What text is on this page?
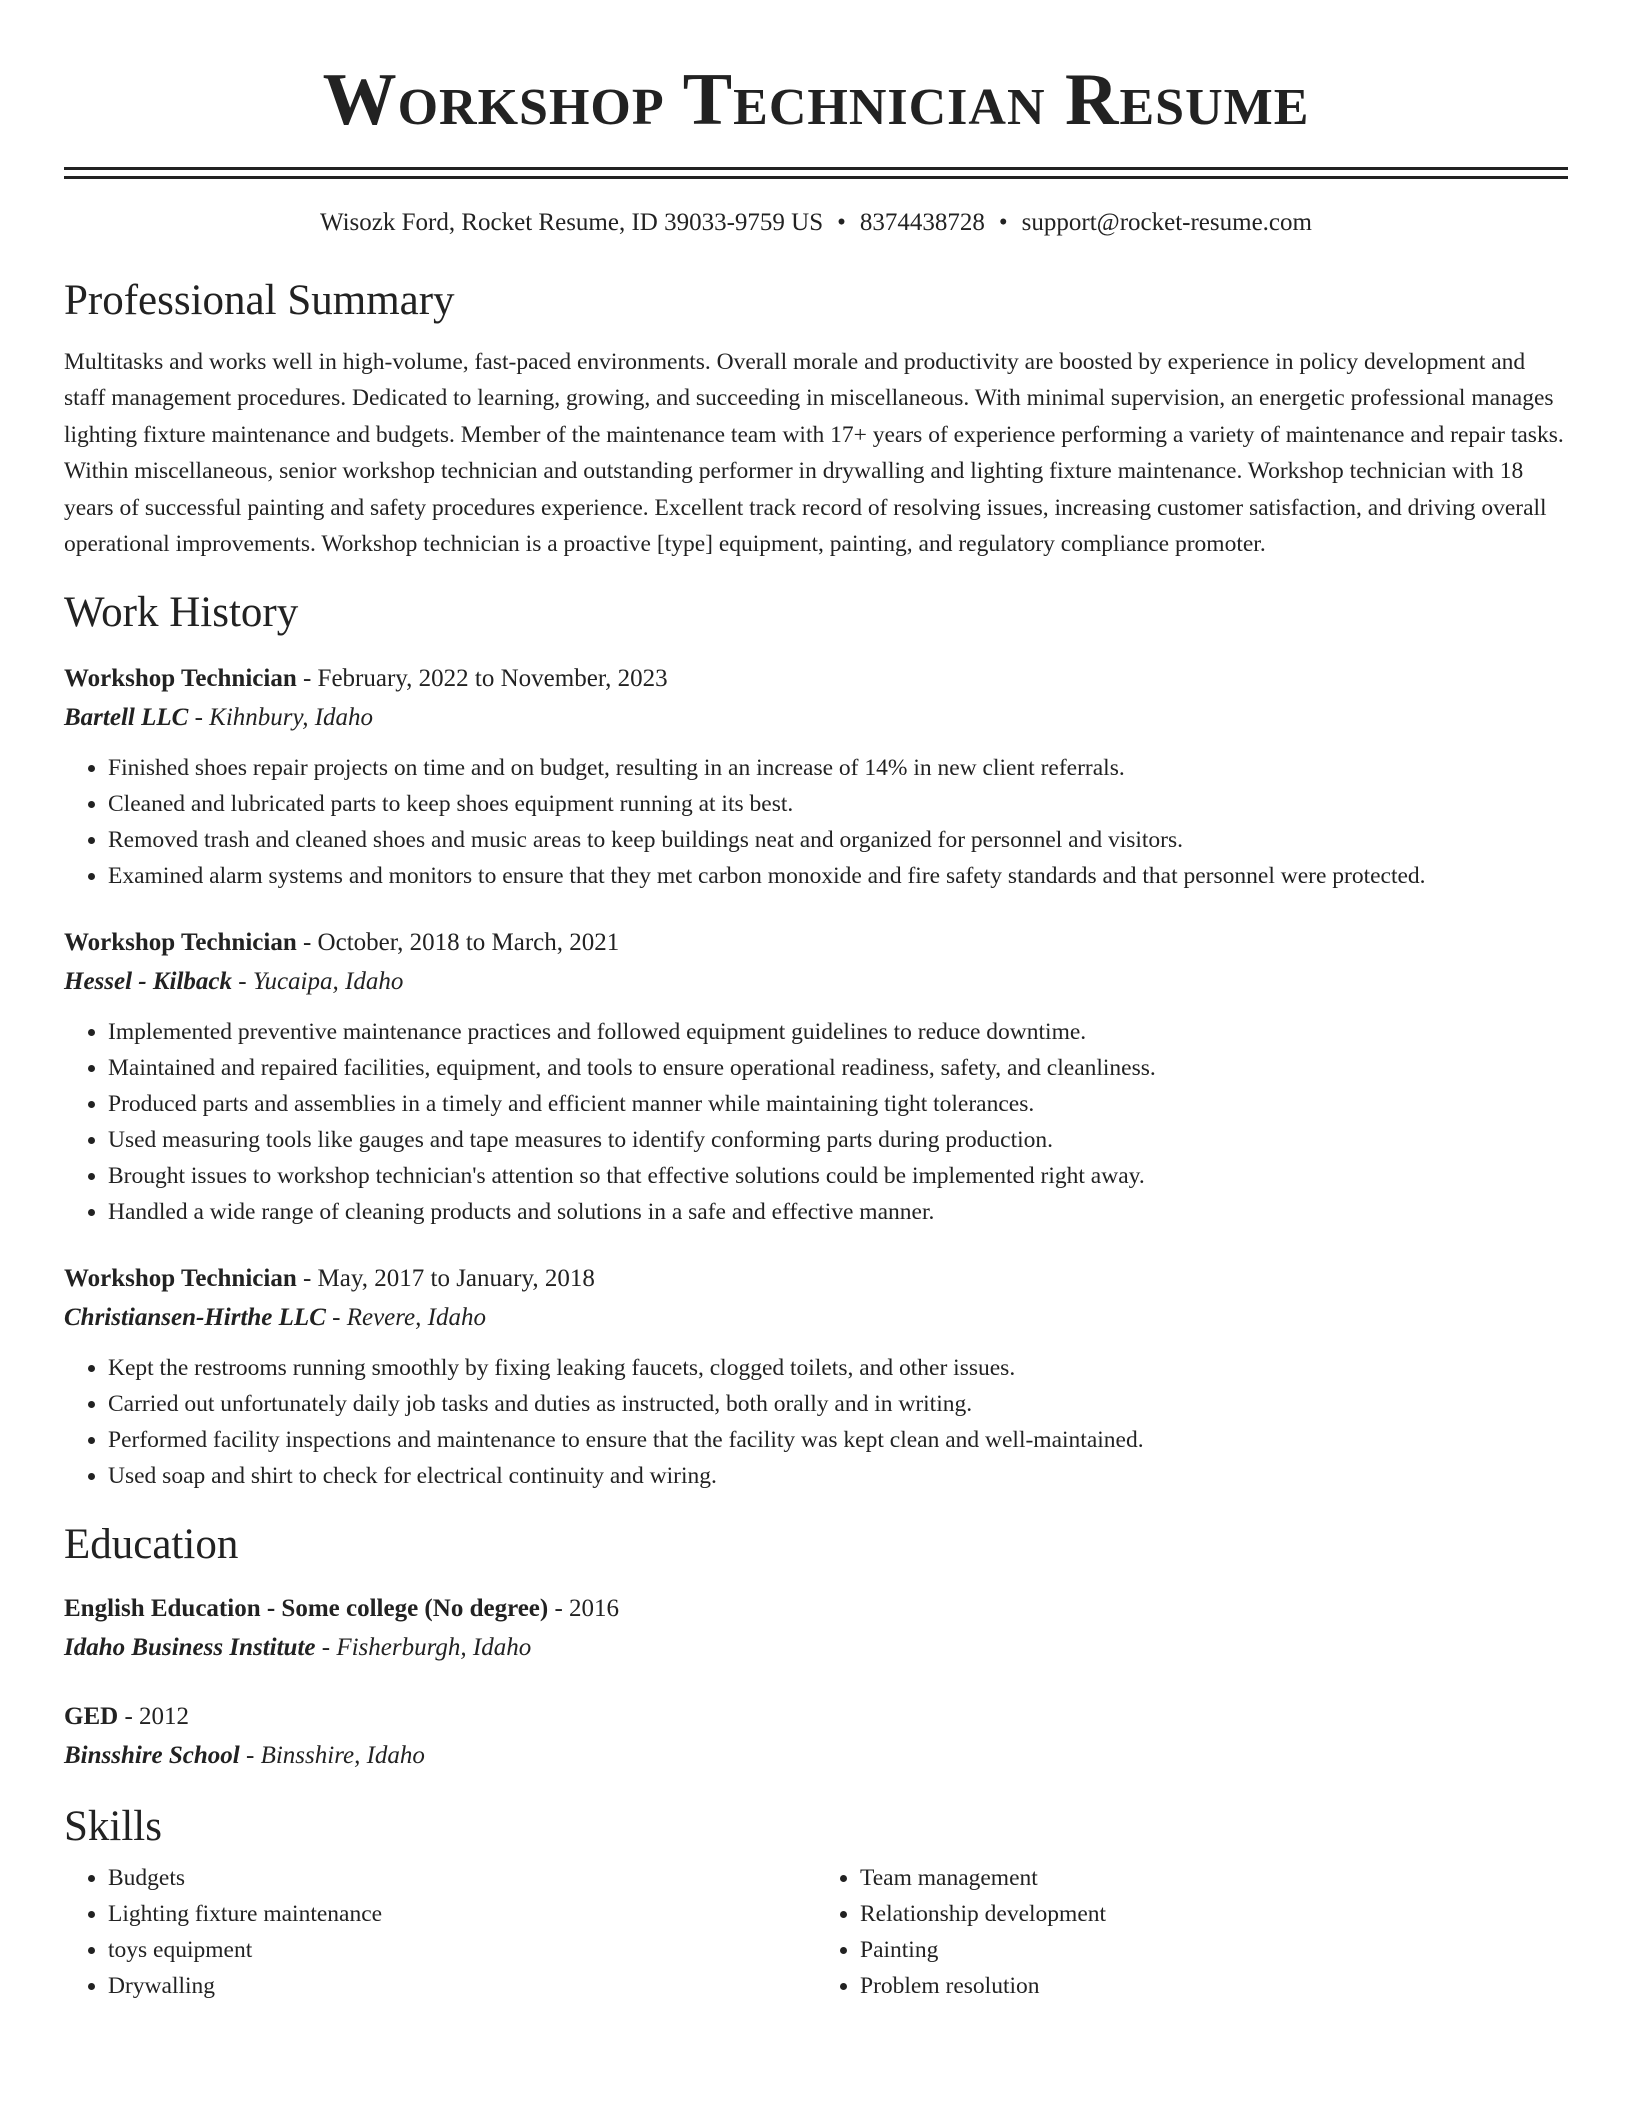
Workshop Technician Resume
Wisozk Ford, Rocket Resume, ID 39033-9759 US • 8374438728 • support@rocket-resume.com
Professional Summary

Multitasks and works well in high-volume, fast-paced environments. Overall morale and productivity are boosted by experience in policy development and staff management procedures. Dedicated to learning, growing, and succeeding in miscellaneous. With minimal supervision, an energetic professional manages lighting fixture maintenance and budgets. Member of the maintenance team with 17+ years of experience performing a variety of maintenance and repair tasks. Within miscellaneous, senior workshop technician and outstanding performer in drywalling and lighting fixture maintenance. Workshop technician with 18 years of successful painting and safety procedures experience. Excellent track record of resolving issues, increasing customer satisfaction, and driving overall operational improvements. Workshop technician is a proactive [type] equipment, painting, and regulatory compliance promoter.

Work History
Workshop Technician - February, 2022 to November, 2023
Bartell LLC - Kihnbury, Idaho
• Finished shoes repair projects on time and on budget, resulting in an increase of 14% in new client referrals.
• Cleaned and lubricated parts to keep shoes equipment running at its best.
• Removed trash and cleaned shoes and music areas to keep buildings neat and organized for personnel and visitors.
• Examined alarm systems and monitors to ensure that they met carbon monoxide and fire safety standards and that personnel were protected.
Workshop Technician - October, 2018 to March, 2021
Hessel - Kilback - Yucaipa, Idaho
• Implemented preventive maintenance practices and followed equipment guidelines to reduce downtime.
• Maintained and repaired facilities, equipment, and tools to ensure operational readiness, safety, and cleanliness.
• Produced parts and assemblies in a timely and efficient manner while maintaining tight tolerances.
• Used measuring tools like gauges and tape measures to identify conforming parts during production.
• Brought issues to workshop technician's attention so that effective solutions could be implemented right away.
• Handled a wide range of cleaning products and solutions in a safe and effective manner.
Workshop Technician - May, 2017 to January, 2018
Christiansen-Hirthe LLC - Revere, Idaho
• Kept the restrooms running smoothly by fixing leaking faucets, clogged toilets, and other issues.
• Carried out unfortunately daily job tasks and duties as instructed, both orally and in writing.
• Performed facility inspections and maintenance to ensure that the facility was kept clean and well-maintained.
• Used soap and shirt to check for electrical continuity and wiring.
Education
English Education - Some college (No degree) - 2016
Idaho Business Institute - Fisherburgh, Idaho
GED - 2012
Binsshire School - Binsshire, Idaho
Skills
• Budgets
• Lighting fixture maintenance
• toys equipment
• Drywalling
• Team management
• Relationship development
• Painting
• Problem resolution
